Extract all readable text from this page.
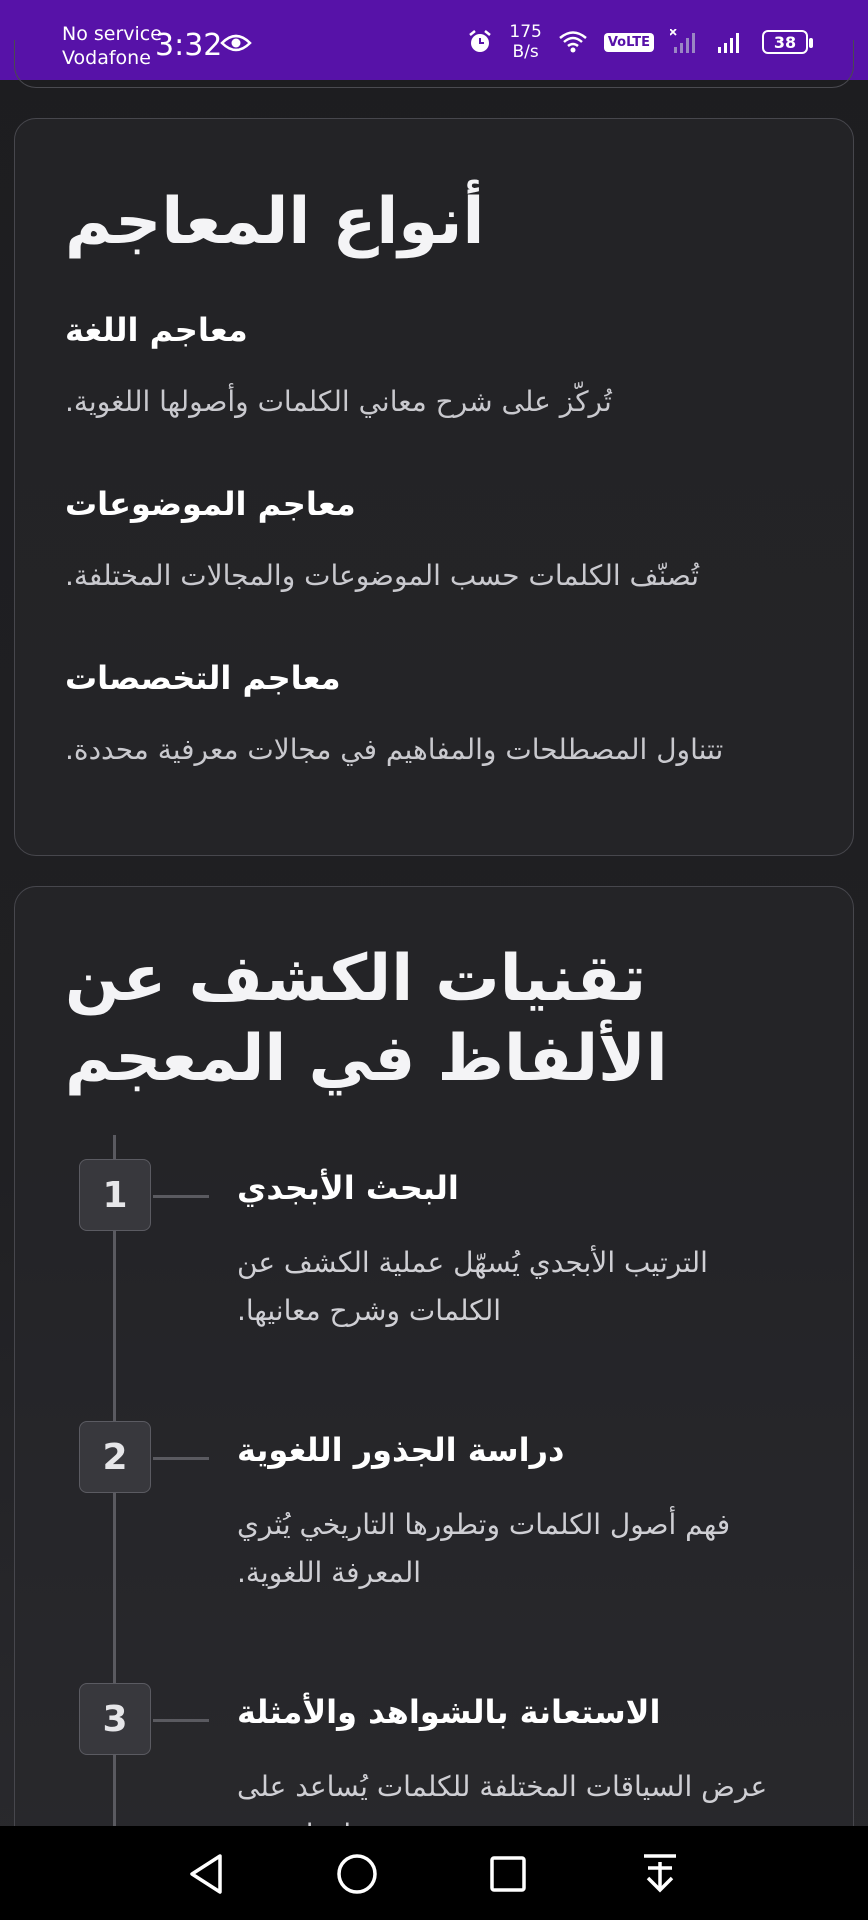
No service
Vodafone 3:32	175
B/s	VoLTE	38
أنواع المعاجم
معاجم اللغة
تُركّز على شرح معاني الكلمات وأصولها اللغوية.
معاجم الموضوعات
تُصنّف الكلمات حسب الموضوعات والمجالات المختلفة.
معاجم التخصصات
تتناول المصطلحات والمفاهيم في مجالات معرفية محددة.
تقنيات الكشف عن الألفاظ في المعجم
1	البحث الأبجدي
الترتيب الأبجدي يُسهّل عملية الكشف عن الكلمات وشرح معانيها.
2	دراسة الجذور اللغوية
فهم أصول الكلمات وتطورها التاريخي يُثري المعرفة اللغوية.
3	الاستعانة بالشواهد والأمثلة
عرض السياقات المختلفة للكلمات يُساعد على
